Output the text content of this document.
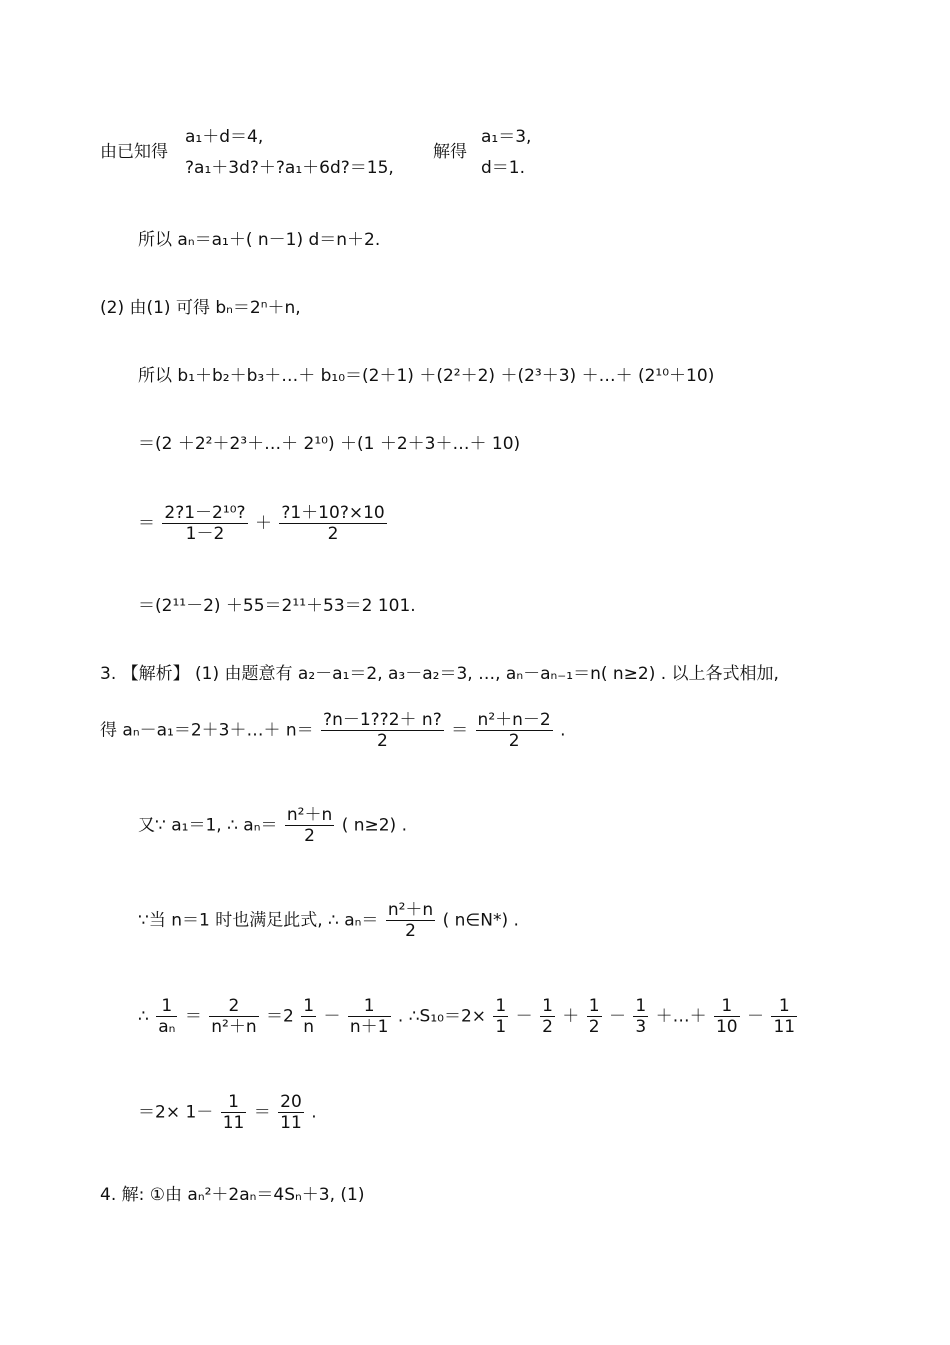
由已知得
a₁＋d＝4,
?a₁＋3d?＋?a₁＋6d?＝15,
解得
a₁＝3,
d＝1.
所以 aₙ＝a₁＋( n－1) d＝n＋2.
(2) 由(1) 可得 bₙ＝2ⁿ＋n,
所以 b₁＋b₂＋b₃＋…＋ b₁₀＝(2＋1) ＋(2²＋2) ＋(2³＋3) ＋…＋ (2¹⁰＋10)
＝(2 ＋2²＋2³＋…＋ 2¹⁰) ＋(1 ＋2＋3＋…＋ 10)
＝ $\frac{\text{2?1－2¹⁰?}}{1-2} + \frac{?1+10?\times 10}{2}$
＝(2¹¹－2) ＋55＝2¹¹＋53＝2 101.
3. 【解析】 (1) 由题意有 a₂－a₁＝2, a₃－a₂＝3, …, aₙ－aₙ₋₁＝n( n≥2) . 以上各式相加,
得 aₙ－a₁＝2＋3＋…＋ $n= \frac{?n-1??2+ n?}{2} = \frac{\text{n²＋n－2}}{2}$ .
又∵ a₁＝1, ∴ $a_n= \frac{\text{n²＋n}}{2}$ ( n≥2) .
∵当 n＝1 时也满足此式, ∴ $a_n= \frac{\text{n²＋n}}{2}$ ( n∈N*) .
∴ $\frac{1}{\text{aₙ}} = \frac{2}{\text{n²＋n}} =2 \frac{1}{n} - \frac{1}{n+1}$ . ∴S₁₀＝2× $\frac{1}{1} - \frac{1}{2} + \frac{1}{2} - \frac{1}{3}$ ＋…＋ $\frac{1}{10} - \frac{1}{11}$
$=2\times 1- \frac{1}{11} = \frac{20}{11}$ .
4. 解: ①由 aₙ²＋2aₙ＝4Sₙ＋3, (1)
